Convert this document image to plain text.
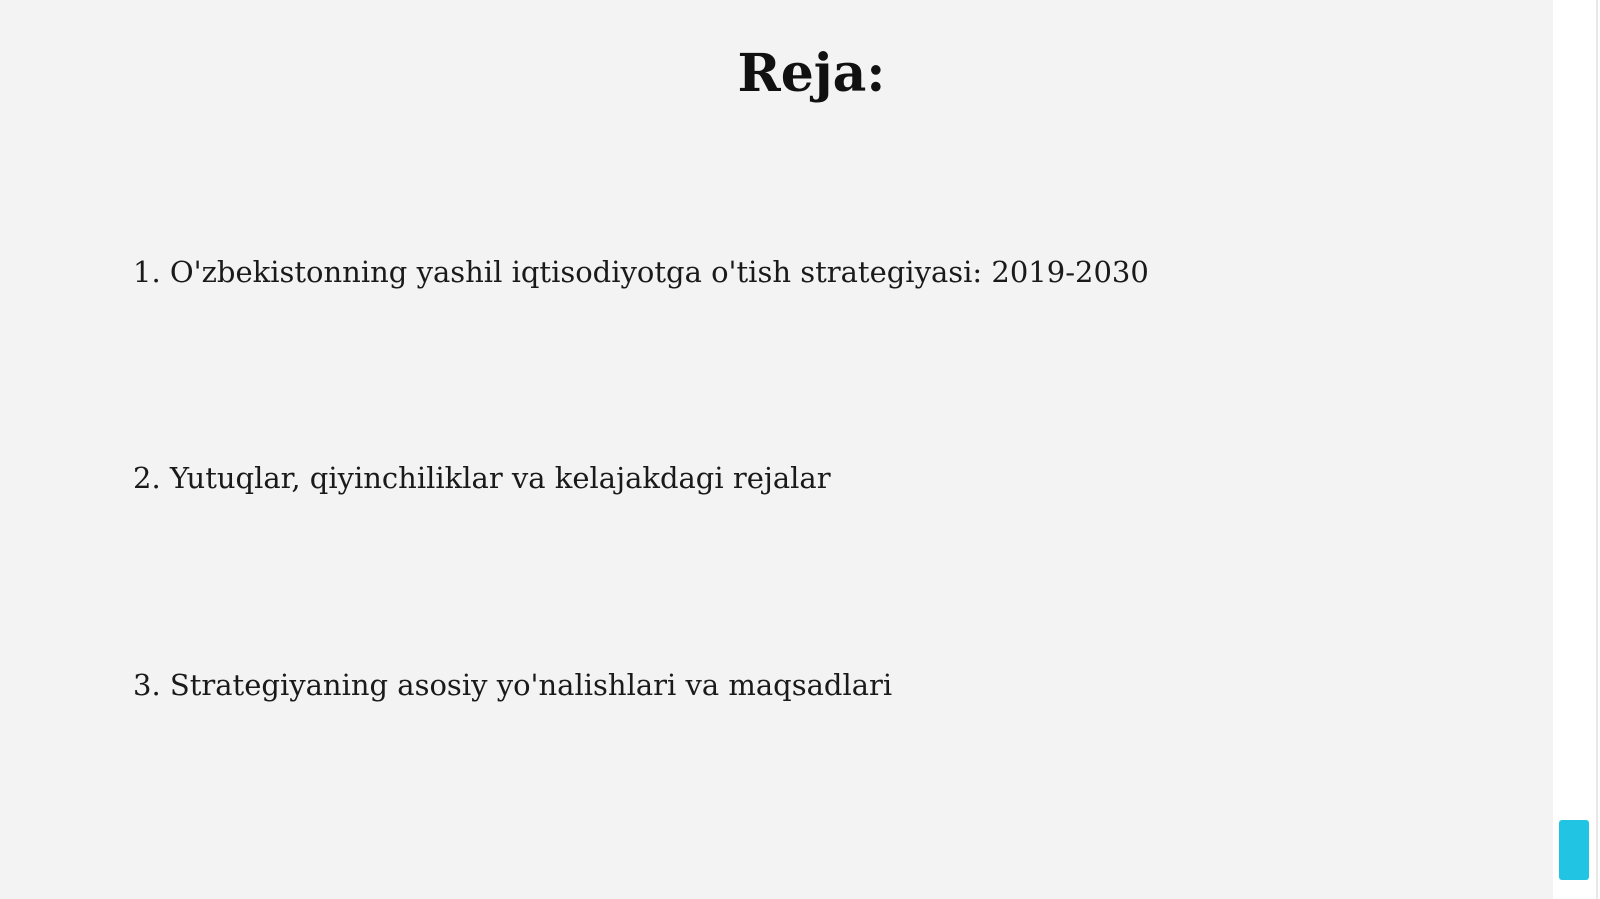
Reja:
1. O'zbekistonning yashil iqtisodiyotga o'tish strategiyasi: 2019-2030
2. Yutuqlar, qiyinchiliklar va kelajakdagi rejalar
3. Strategiyaning asosiy yo'nalishlari va maqsadlari
